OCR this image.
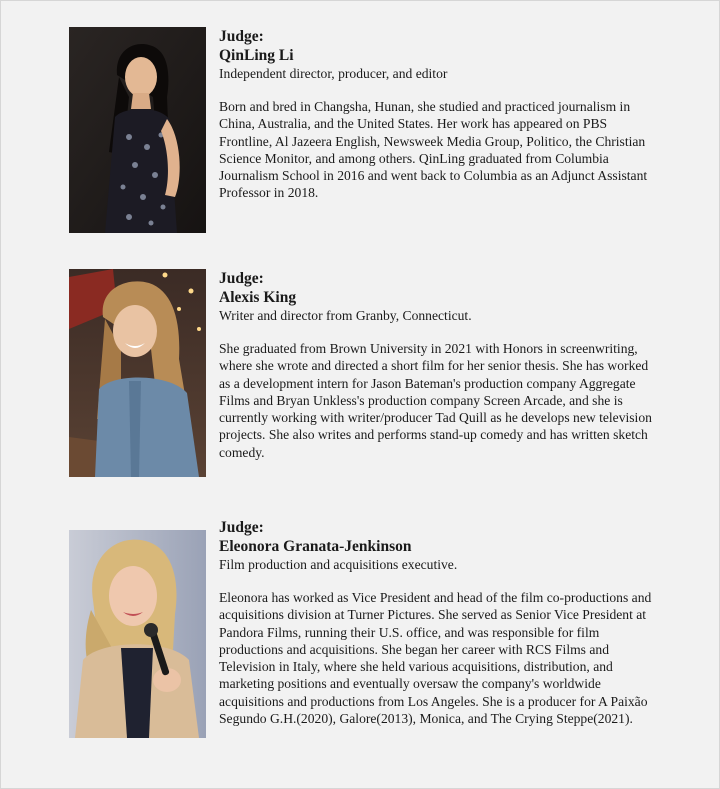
Judge:

QinLing Li

Independent director, producer, and editor

Born and bred in Changsha, Hunan, she studied and practiced journalism in China, Australia, and the United States. Her work has appeared on PBS Frontline, Al Jazeera English, Newsweek Media Group, Politico, the Christian Science Monitor, and among others. QinLing graduated from Columbia Journalism School in 2016 and went back to Columbia as an Adjunct Assistant Professor in 2018.

Judge:

Alexis King

Writer and director from Granby, Connecticut.

She graduated from Brown University in 2021 with Honors in screenwriting, where she wrote and directed a short film for her senior thesis. She has worked as a development intern for Jason Bateman's production company Aggregate Films and Bryan Unkless's production company Screen Arcade, and she is currently working with writer/producer Tad Quill as he develops new television projects. She also writes and performs stand-up comedy and has written sketch comedy.

Judge:

Eleonora Granata-Jenkinson

Film production and acquisitions executive.

Eleonora has worked as Vice President and head of the film co-productions and acquisitions division at Turner Pictures. She served as Senior Vice President at Pandora Films, running their U.S. office, and was responsible for film productions and acquisitions. She began her career with RCS Films and Television in Italy, where she held various acquisitions, distribution, and marketing positions and eventually oversaw the company's worldwide acquisitions and productions from Los Angeles. She is a producer for A Paixão Segundo G.H.(2020), Galore(2013), Monica, and The Crying Steppe(2021).
